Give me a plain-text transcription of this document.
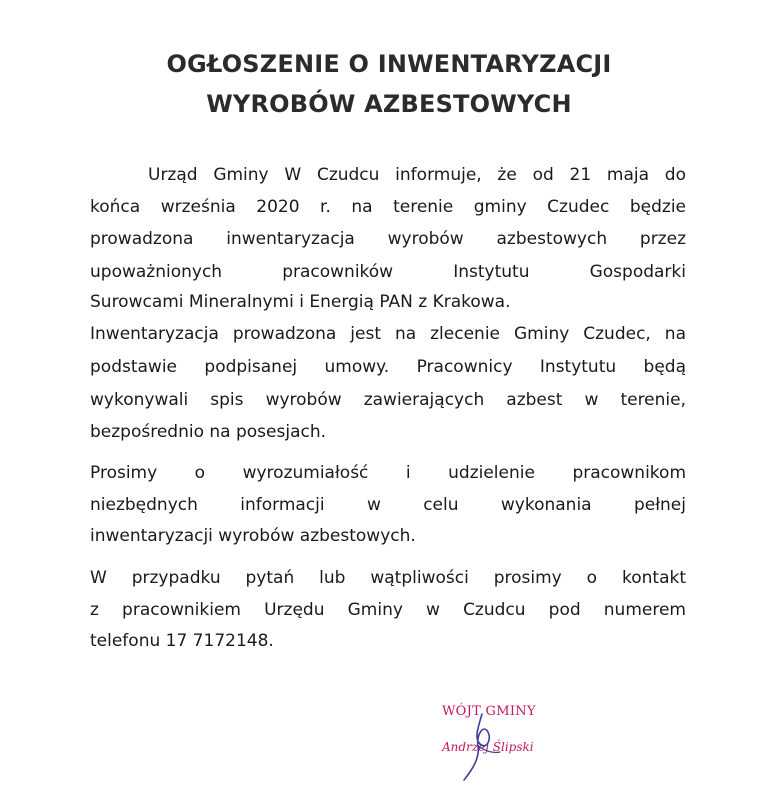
OGŁOSZENIE O INWENTARYZACJI
WYROBÓW AZBESTOWYCH
Urząd Gminy W Czudcu informuje, że od 21 maja do
końca września 2020 r. na terenie gminy Czudec będzie
prowadzona inwentaryzacja wyrobów azbestowych przez
upoważnionych pracowników Instytutu Gospodarki
Surowcami Mineralnymi i Energią PAN z Krakowa.
Inwentaryzacja prowadzona jest na zlecenie Gminy Czudec, na
podstawie podpisanej umowy. Pracownicy Instytutu będą
wykonywali spis wyrobów zawierających azbest w terenie,
bezpośrednio na posesjach.
Prosimy o wyrozumiałość i udzielenie pracownikom
niezbędnych informacji w celu wykonania pełnej
inwentaryzacji wyrobów azbestowych.
W przypadku pytań lub wątpliwości prosimy o kontakt
z pracownikiem Urzędu Gminy w Czudcu pod numerem
telefonu 17 7172148.
WÓJT GMINY
Andrzej Ślipski
